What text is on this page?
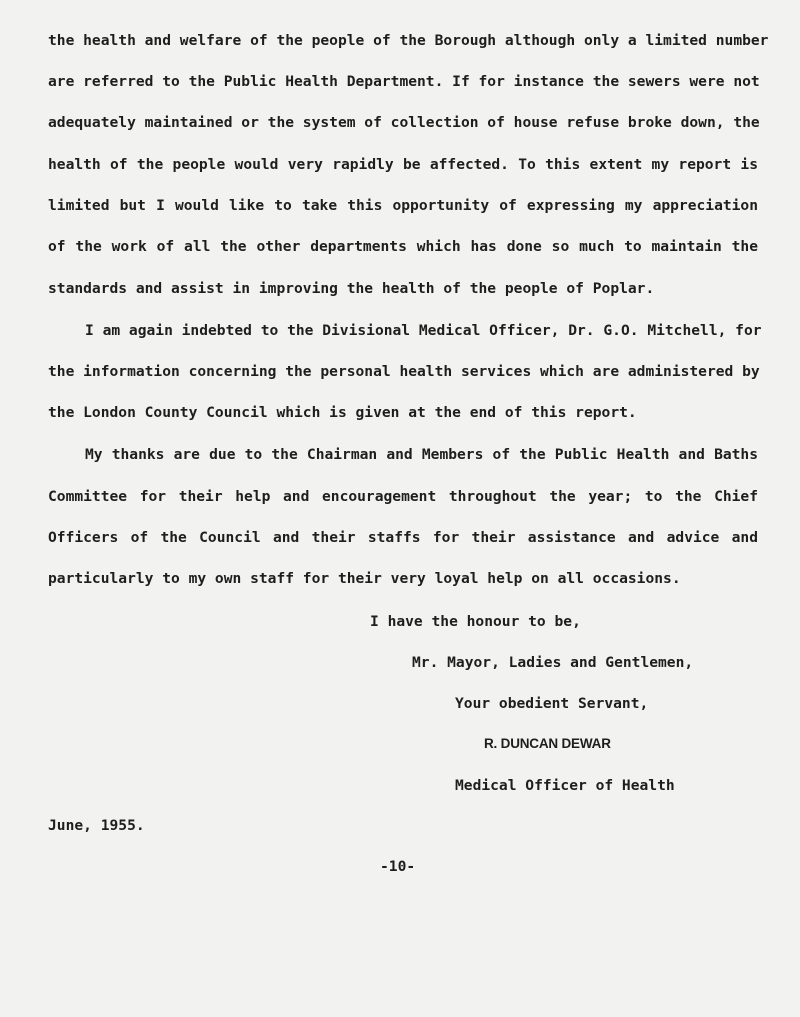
the health and welfare of the people of the Borough although only a limited number

are referred to the Public Health Department. If for instance the sewers were not

adequately maintained or the system of collection of house refuse broke down, the

health of the people would very rapidly be affected. To this extent my report is

limited but I would like to take this opportunity of expressing my appreciation

of the work of all the other departments which has done so much to maintain the

standards and assist in improving the health of the people of Poplar.

I am again indebted to the Divisional Medical Officer, Dr. G.O. Mitchell, for

the information concerning the personal health services which are administered by

the London County Council which is given at the end of this report.

My thanks are due to the Chairman and Members of the Public Health and Baths

Committee for their help and encouragement throughout the year; to the Chief

Officers of the Council and their staffs for their assistance and advice and

particularly to my own staff for their very loyal help on all occasions.

I have the honour to be,

Mr. Mayor, Ladies and Gentlemen,

Your obedient Servant,

R. DUNCAN DEWAR

Medical Officer of Health

June, 1955.

-10-
